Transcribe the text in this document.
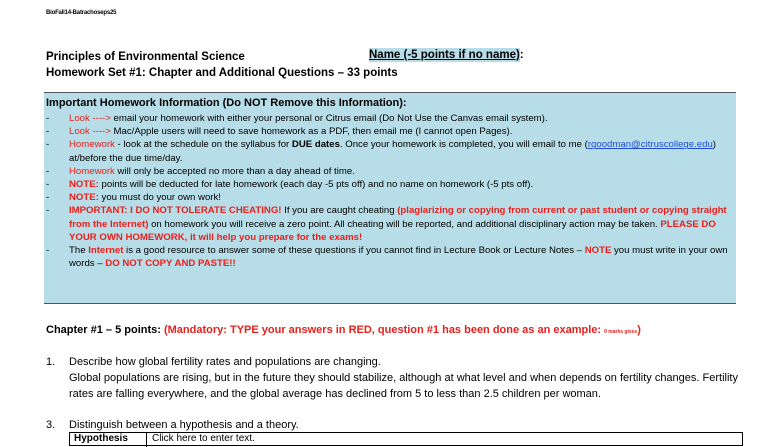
BioFall14-Batrachoseps25
Principles of Environmental Science	Name (-5 points if no name):
Homework Set #1: Chapter and Additional Questions – 33 points
Important Homework Information (Do NOT Remove this Information):
- Look ----> email your homework with either your personal or Citrus email (Do Not Use the Canvas email system).
- Look ----> Mac/Apple users will need to save homework as a PDF, then email me (I cannot open Pages).
- Homework - look at the schedule on the syllabus for DUE dates. Once your homework is completed, you will email to me (rgoodman@citruscollege.edu) at/before the due time/day.
- Homework will only be accepted no more than a day ahead of time.
- NOTE: points will be deducted for late homework (each day -5 pts off) and no name on homework (-5 pts off).
- NOTE: you must do your own work!
- IMPORTANT: I DO NOT TOLERATE CHEATING! If you are caught cheating (plagiarizing or copying from current or past student or copying straight from the Internet) on homework you will receive a zero point. All cheating will be reported, and additional disciplinary action may be taken. PLEASE DO YOUR OWN HOMEWORK, it will help you prepare for the exams!
- The Internet is a good resource to answer some of these questions if you cannot find in Lecture Book or Lecture Notes – NOTE you must write in your own words – DO NOT COPY AND PASTE!!
Chapter #1 – 5 points: (Mandatory: TYPE your answers in RED, question #1 has been done as an example: 0 marks gives)
1. Describe how global fertility rates and populations are changing.
Global populations are rising, but in the future they should stabilize, although at what level and when depends on fertility changes. Fertility rates are falling everywhere, and the global average has declined from 5 to less than 2.5 children per woman.
3. Distinguish between a hypothesis and a theory.
Hypothesis Click here to enter text.
